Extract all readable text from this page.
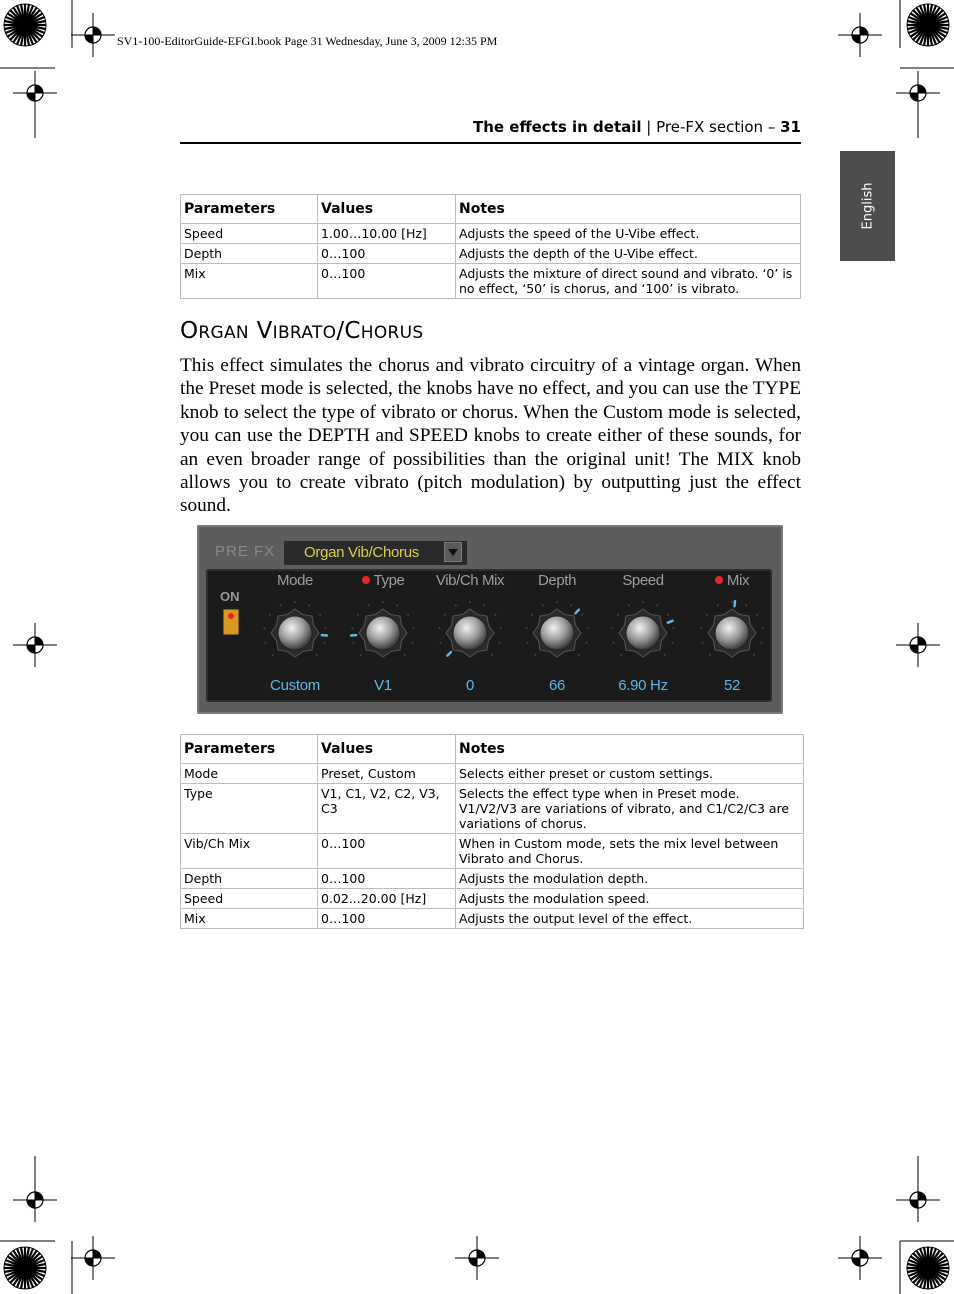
SV1-100-EditorGuide-EFGI.book Page 31 Wednesday, June 3, 2009 12:35 PM
The effects in detail | Pre-FX section – 31
English
Parameters	Values	Notes
Speed	1.00…10.00 [Hz]	Adjusts the speed of the U-Vibe effect.
Depth	0…100	Adjusts the depth of the U-Vibe effect.
Mix	0…100	Adjusts the mixture of direct sound and vibrato. ‘0’ is no effect, ‘50’ is chorus, and ‘100’ is vibrato.
ORGAN VIBRATO/CHORUS
This effect simulates the chorus and vibrato circuitry of a vintage organ. When the Preset mode is selected, the knobs have no effect, and you can use the TYPE knob to select the type of vibrato or chorus. When the Custom mode is selected, you can use the DEPTH and SPEED knobs to create either of these sounds, for an even broader range of possibilities than the original unit! The MIX knob allows you to create vibrato (pitch modulation) by outputting just the effect sound.
PRE FX	Organ Vib/Chorus
ON
Mode
Custom
Type
V1
Vib/Ch Mix
0
Depth
66
Speed
6.90 Hz
Mix
52
Parameters	Values	Notes
Mode	Preset, Custom	Selects either preset or custom settings.
Type	V1, C1, V2, C2, V3, C3	Selects the effect type when in Preset mode. V1/V2/V3 are variations of vibrato, and C1/C2/C3 are variations of chorus.
Vib/Ch Mix	0…100	When in Custom mode, sets the mix level between Vibrato and Chorus.
Depth	0…100	Adjusts the modulation depth.
Speed	0.02...20.00 [Hz]	Adjusts the modulation speed.
Mix	0…100	Adjusts the output level of the effect.
